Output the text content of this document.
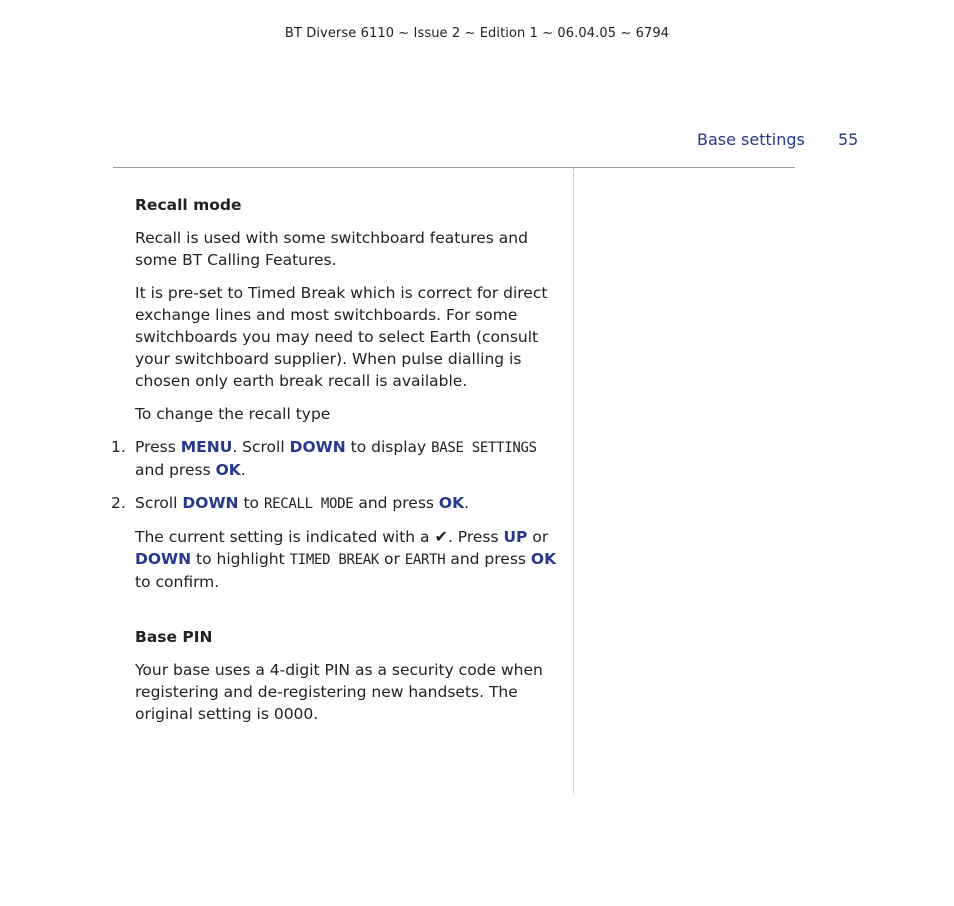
BT Diverse 6110 ~ Issue 2 ~ Edition 1 ~ 06.04.05 ~ 6794
Base settings 55

Recall mode

Recall is used with some switchboard features and some BT Calling Features.

It is pre-set to Timed Break which is correct for direct exchange lines and most switchboards. For some switchboards you may need to select Earth (consult your switchboard supplier). When pulse dialling is chosen only earth break recall is available.

To change the recall type

1. Press MENU. Scroll DOWN to display BASE SETTINGS and press OK.

2. Scroll DOWN to RECALL MODE and press OK.

The current setting is indicated with a ✔. Press UP or DOWN to highlight TIMED BREAK or EARTH and press OK to confirm.

Base PIN

Your base uses a 4-digit PIN as a security code when registering and de-registering new handsets. The original setting is 0000.
